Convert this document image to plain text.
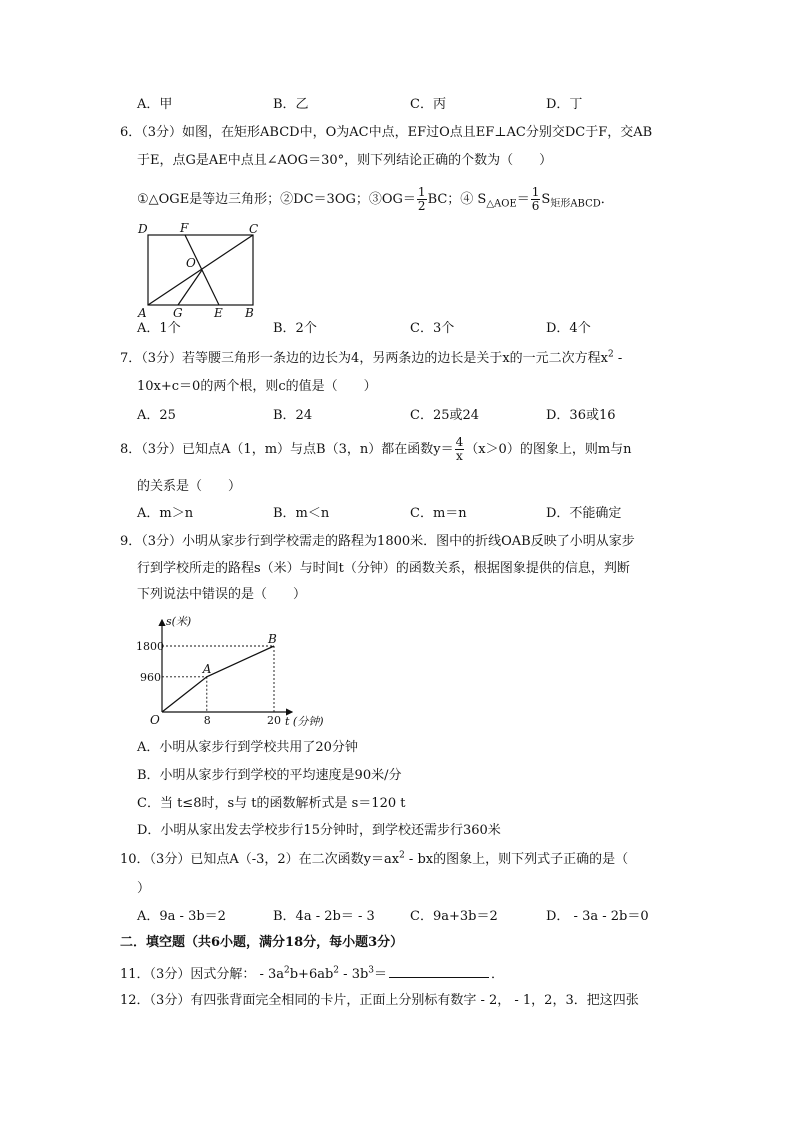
A．甲	B．乙	C．丙	D．丁
6．（3分）如图，在矩形ABCD中，O为AC中点，EF过O点且EF⊥AC分别交DC于F，交AB
于E，点G是AE中点且∠AOG＝30°，则下列结论正确的个数为（　　）
①△OGE是等边三角形；②DC＝3OG；③OG＝ $\frac{1}{2}$ BC；④ $S_{\triangle AOE}= \frac{1}{6} S_{矩形ABCD}$．
D	F	C
O
A G	E B
A．1个	B．2个	C．3个	D．4个
7．（3分）若等腰三角形一条边的边长为4，另两条边的边长是关于x的一元二次方程$x^2$ -
10x+c＝0的两个根，则c的值是（　　）
A．25	B．24	C．25或24	D．36或16
8．（3分）已知点A（1，m）与点B（3，n）都在函数$y= \frac{4}{x} (x>0)$的图象上，则m与n
的关系是（　　）
A．m＞n	B．m＜n	C．m＝n	D．不能确定
9．（3分）小明从家步行到学校需走的路程为1800米．图中的折线OAB反映了小明从家步
行到学校所走的路程s（米）与时间t（分钟）的函数关系，根据图象提供的信息，判断
下列说法中错误的是（　　）
s(米)
1800
960
8	20 t (分钟)
O
A
B
A．小明从家步行到学校共用了20分钟
B．小明从家步行到学校的平均速度是90米/分
C．当 t≤8时，s与 t的函数解析式是 s＝120 t
D．小明从家出发去学校步行15分钟时，到学校还需步行360米
10．（3分）已知点A（-3，2）在二次函数$y=ax^2$ - bx的图象上，则下列式子正确的是（
）
A．9a - 3b＝2	B．4a - 2b＝ - 3	C．9a+3b＝2	D． - 3a - 2b＝0
二．填空题（共6小题，满分18分，每小题3分）
11．（3分）因式分解： - $3a^2b+6ab^2 - 3b^3=$	．
12．（3分）有四张背面完全相同的卡片，正面上分别标有数字 - 2， - 1，2，3．把这四张
